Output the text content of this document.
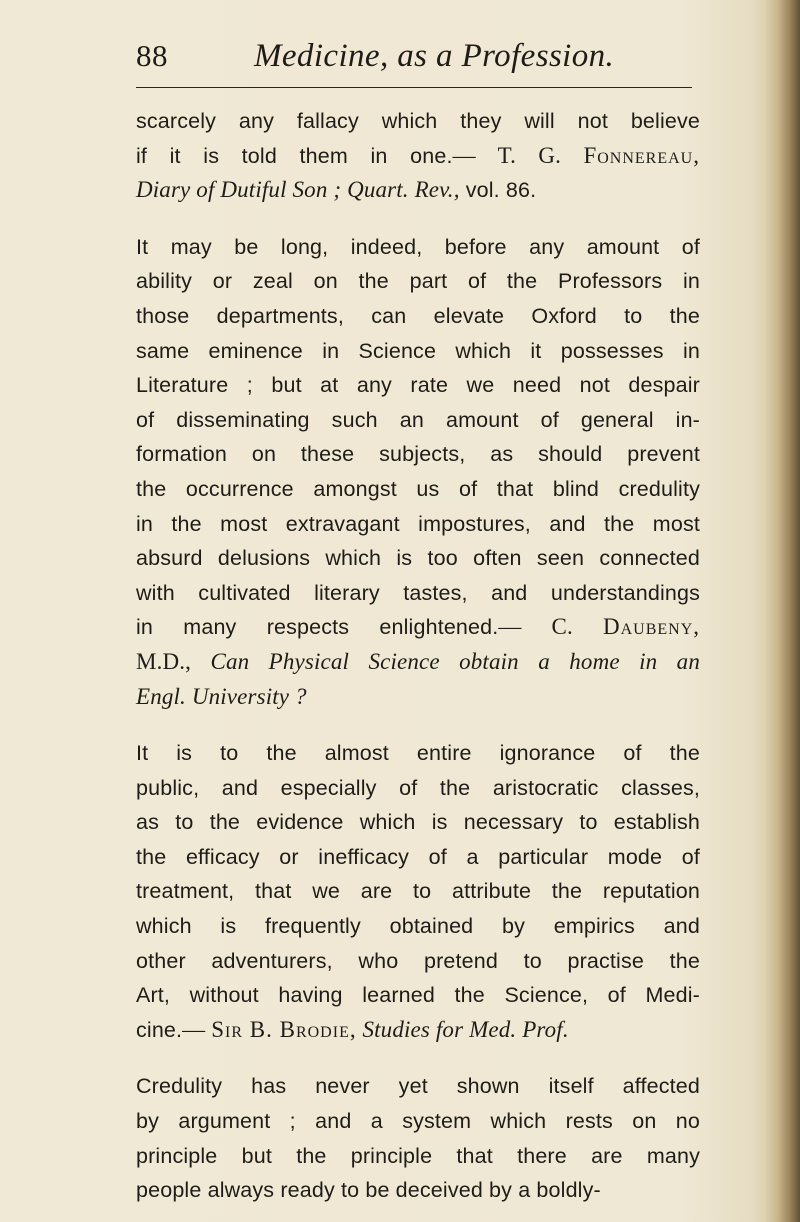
88	Medicine, as a Profession.
scarcely any fallacy which they will not believe
if it is told them in one.— T. G. Fonnereau,
Diary of Dutiful Son ; Quart. Rev., vol. 86.
It may be long, indeed, before any amount of
ability or zeal on the part of the Professors in
those departments, can elevate Oxford to the
same eminence in Science which it possesses in
Literature ; but at any rate we need not despair
of disseminating such an amount of general in-
formation on these subjects, as should prevent
the occurrence amongst us of that blind credulity
in the most extravagant impostures, and the most
absurd delusions which is too often seen connected
with cultivated literary tastes, and understandings
in many respects enlightened.— C. Daubeny,
M.D., Can Physical Science obtain a home in an
Engl. University ?
It is to the almost entire ignorance of the
public, and especially of the aristocratic classes,
as to the evidence which is necessary to establish
the efficacy or inefficacy of a particular mode of
treatment, that we are to attribute the reputation
which is frequently obtained by empirics and
other adventurers, who pretend to practise the
Art, without having learned the Science, of Medi-
cine.— Sir B. Brodie, Studies for Med. Prof.
Credulity has never yet shown itself affected
by argument ; and a system which rests on no
principle but the principle that there are many
people always ready to be deceived by a boldly-
